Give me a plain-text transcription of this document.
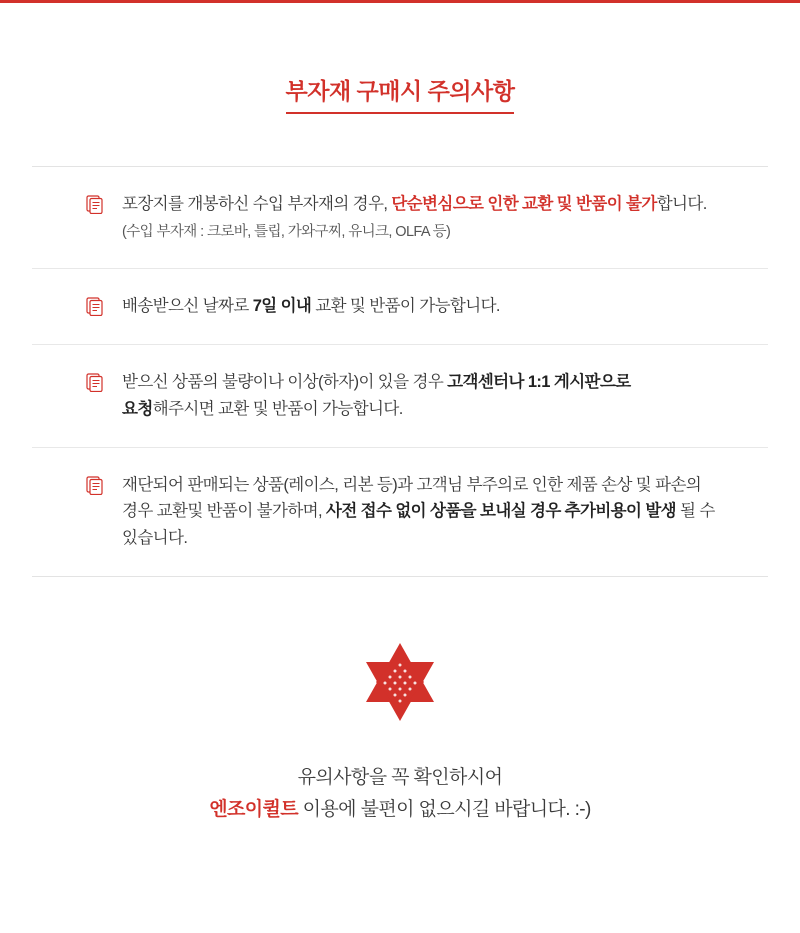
부자재 구매시 주의사항
포장지를 개봉하신 수입 부자재의 경우, 단순변심으로 인한 교환 및 반품이 불가합니다. (수입 부자재 : 크로바, 틀립, 가와구찌, 유니크, OLFA 등)
배송받으신 날짜로 7일 이내 교환 및 반품이 가능합니다.
받으신 상품의 불량이나 이상(하자)이 있을 경우 고객센터나 1:1 게시판으로 요청해주시면 교환 및 반품이 가능합니다.
재단되어 판매되는 상품(레이스, 리본 등)과 고객님 부주의로 인한 제품 손상 및 파손의 경우 교환및 반품이 불가하며, 사전 접수 없이 상품을 보내실 경우 추가비용이 발생 될 수 있습니다.
유의사항을 꼭 확인하시어
엔조이퀼트 이용에 불편이 없으시길 바랍니다. :-)
